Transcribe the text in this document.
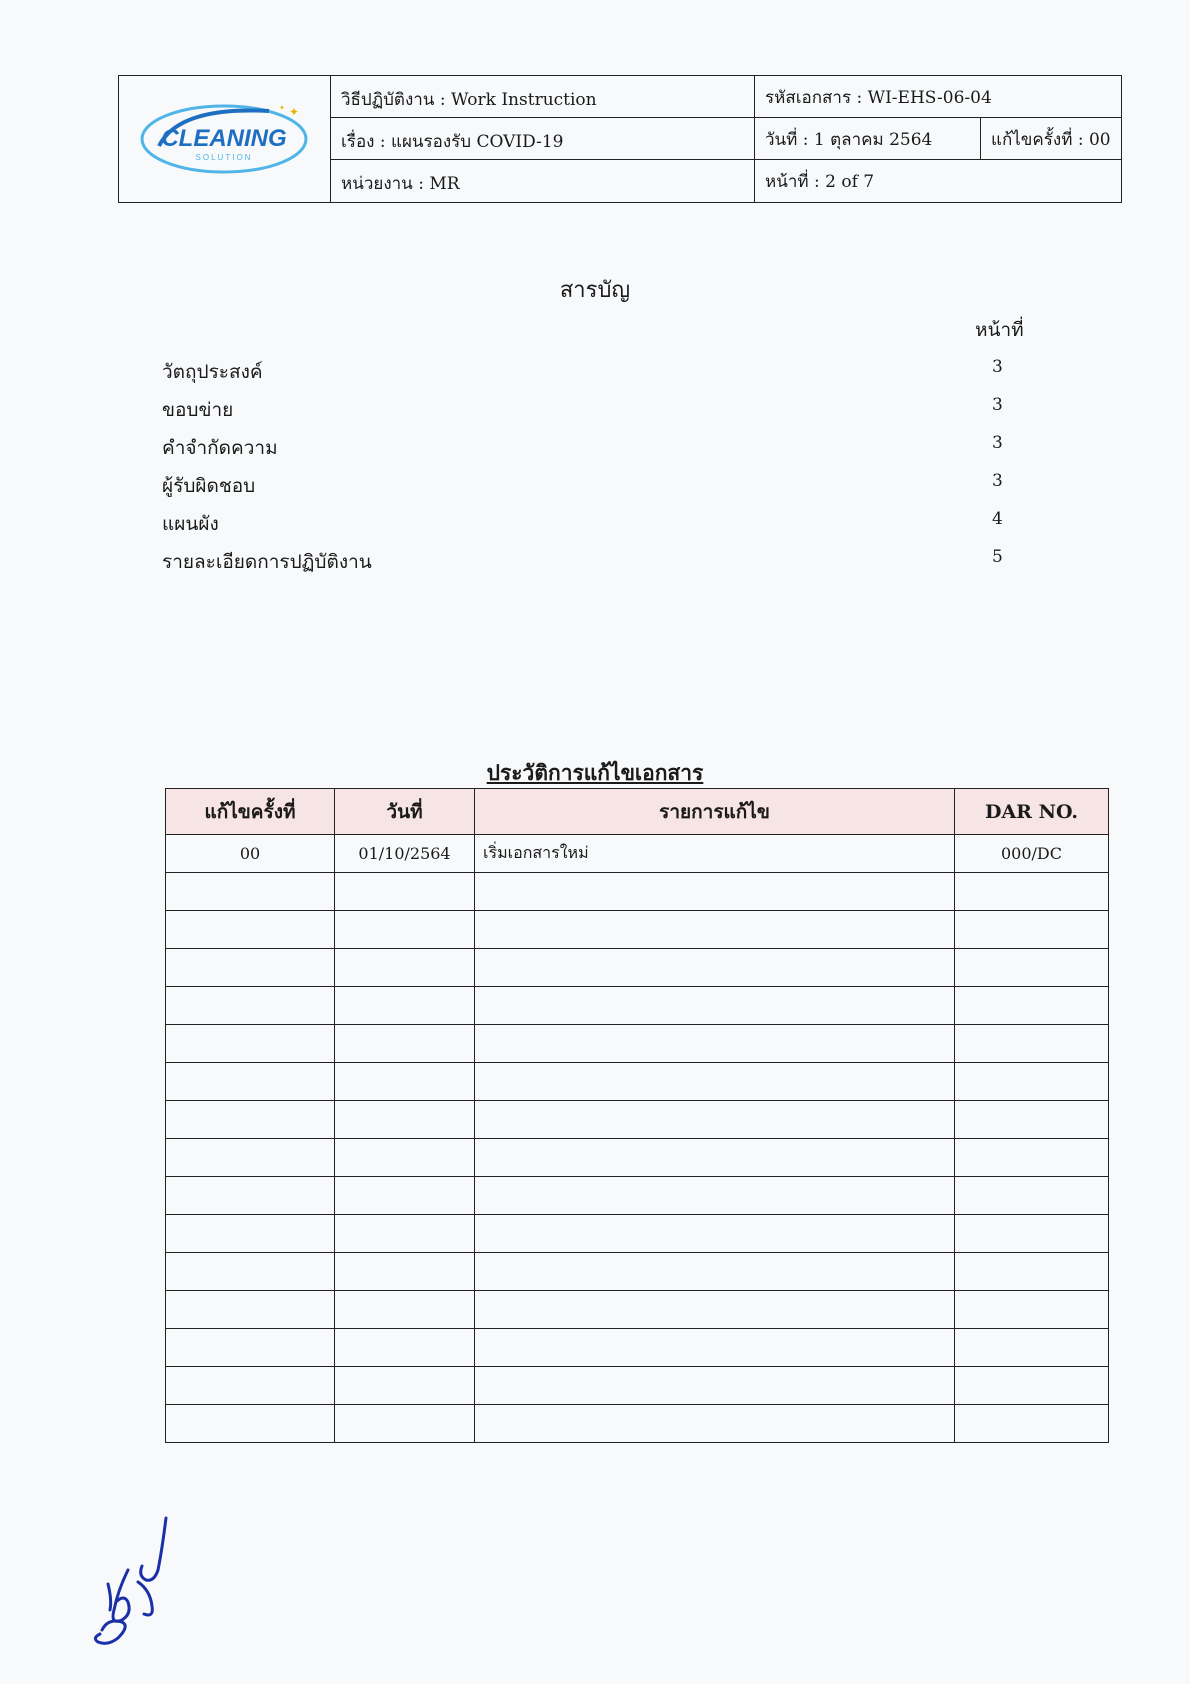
CLEANING
SOLUTION
✦
✦	วิธีปฏิบัติงาน : Work Instruction	รหัสเอกสาร : WI-EHS-06-04
เรื่อง : แผนรองรับ COVID-19	วันที่ : 1 ตุลาคม 2564	แก้ไขครั้งที่ : 00
หน่วยงาน : MR	หน้าที่ : 2 of 7
สารบัญ
หน้าที่
วัตถุประสงค์	3
ขอบข่าย	3
คำจำกัดความ	3
ผู้รับผิดชอบ	3
แผนผัง	4
รายละเอียดการปฏิบัติงาน	5
ประวัติการแก้ไขเอกสาร
แก้ไขครั้งที่	วันที่	รายการแก้ไข	DAR NO.
00	01/10/2564	เริ่มเอกสารใหม่	000/DC
